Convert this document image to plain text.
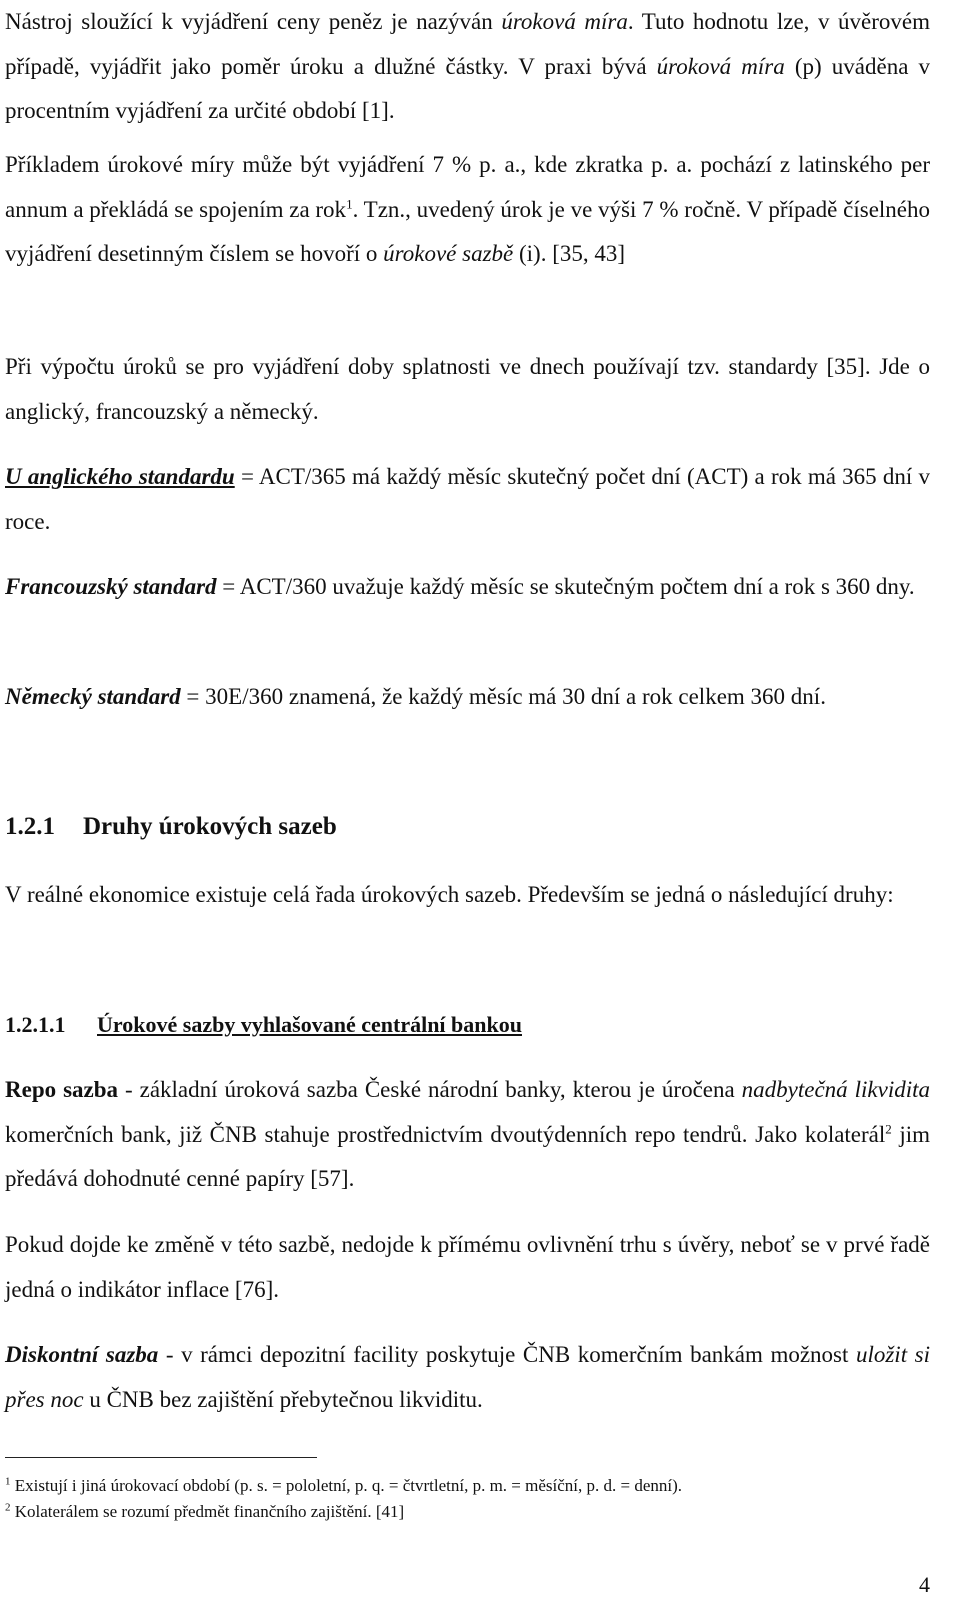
Nástroj sloužící k vyjádření ceny peněz je nazýván úroková míra. Tuto hodnotu lze, v úvěrovém případě, vyjádřit jako poměr úroku a dlužné částky. V praxi bývá úroková míra (p) uváděna v procentním vyjádření za určité období [1].

Příkladem úrokové míry může být vyjádření 7 % p. a., kde zkratka p. a. pochází z latinského per annum a překládá se spojením za rok$^1$. Tzn., uvedený úrok je ve výši 7 % ročně. V případě číselného vyjádření desetinným číslem se hovoří o úrokové sazbě (i). [35, 43]

Při výpočtu úroků se pro vyjádření doby splatnosti ve dnech používají tzv. standardy [35]. Jde o anglický, francouzský a německý.

U anglického standardu = ACT/365 má každý měsíc skutečný počet dní (ACT) a rok má 365 dní v roce.

Francouzský standard = ACT/360 uvažuje každý měsíc se skutečným počtem dní a rok s 360 dny.

Německý standard = 30E/360 znamená, že každý měsíc má 30 dní a rok celkem 360 dní.

1.2.1 Druhy úrokových sazeb

V reálné ekonomice existuje celá řada úrokových sazeb. Především se jedná o následující druhy:

1.2.1.1 Úrokové sazby vyhlašované centrální bankou

Repo sazba - základní úroková sazba České národní banky, kterou je úročena nadbytečná likvidita komerčních bank, již ČNB stahuje prostřednictvím dvoutýdenních repo tendrů. Jako kolaterál$^2$ jim předává dohodnuté cenné papíry [57].

Pokud dojde ke změně v této sazbě, nedojde k přímému ovlivnění trhu s úvěry, neboť se v prvé řadě jedná o indikátor inflace [76].

Diskontní sazba - v rámci depozitní facility poskytuje ČNB komerčním bankám možnost uložit si přes noc u ČNB bez zajištění přebytečnou likviditu.

$^1$ Existují i jiná úrokovací období (p. s. = pololetní, p. q. = čtvrtletní, p. m. = měsíční, p. d. = denní).

$^2$ Kolaterálem se rozumí předmět finančního zajištění. [41]

4
